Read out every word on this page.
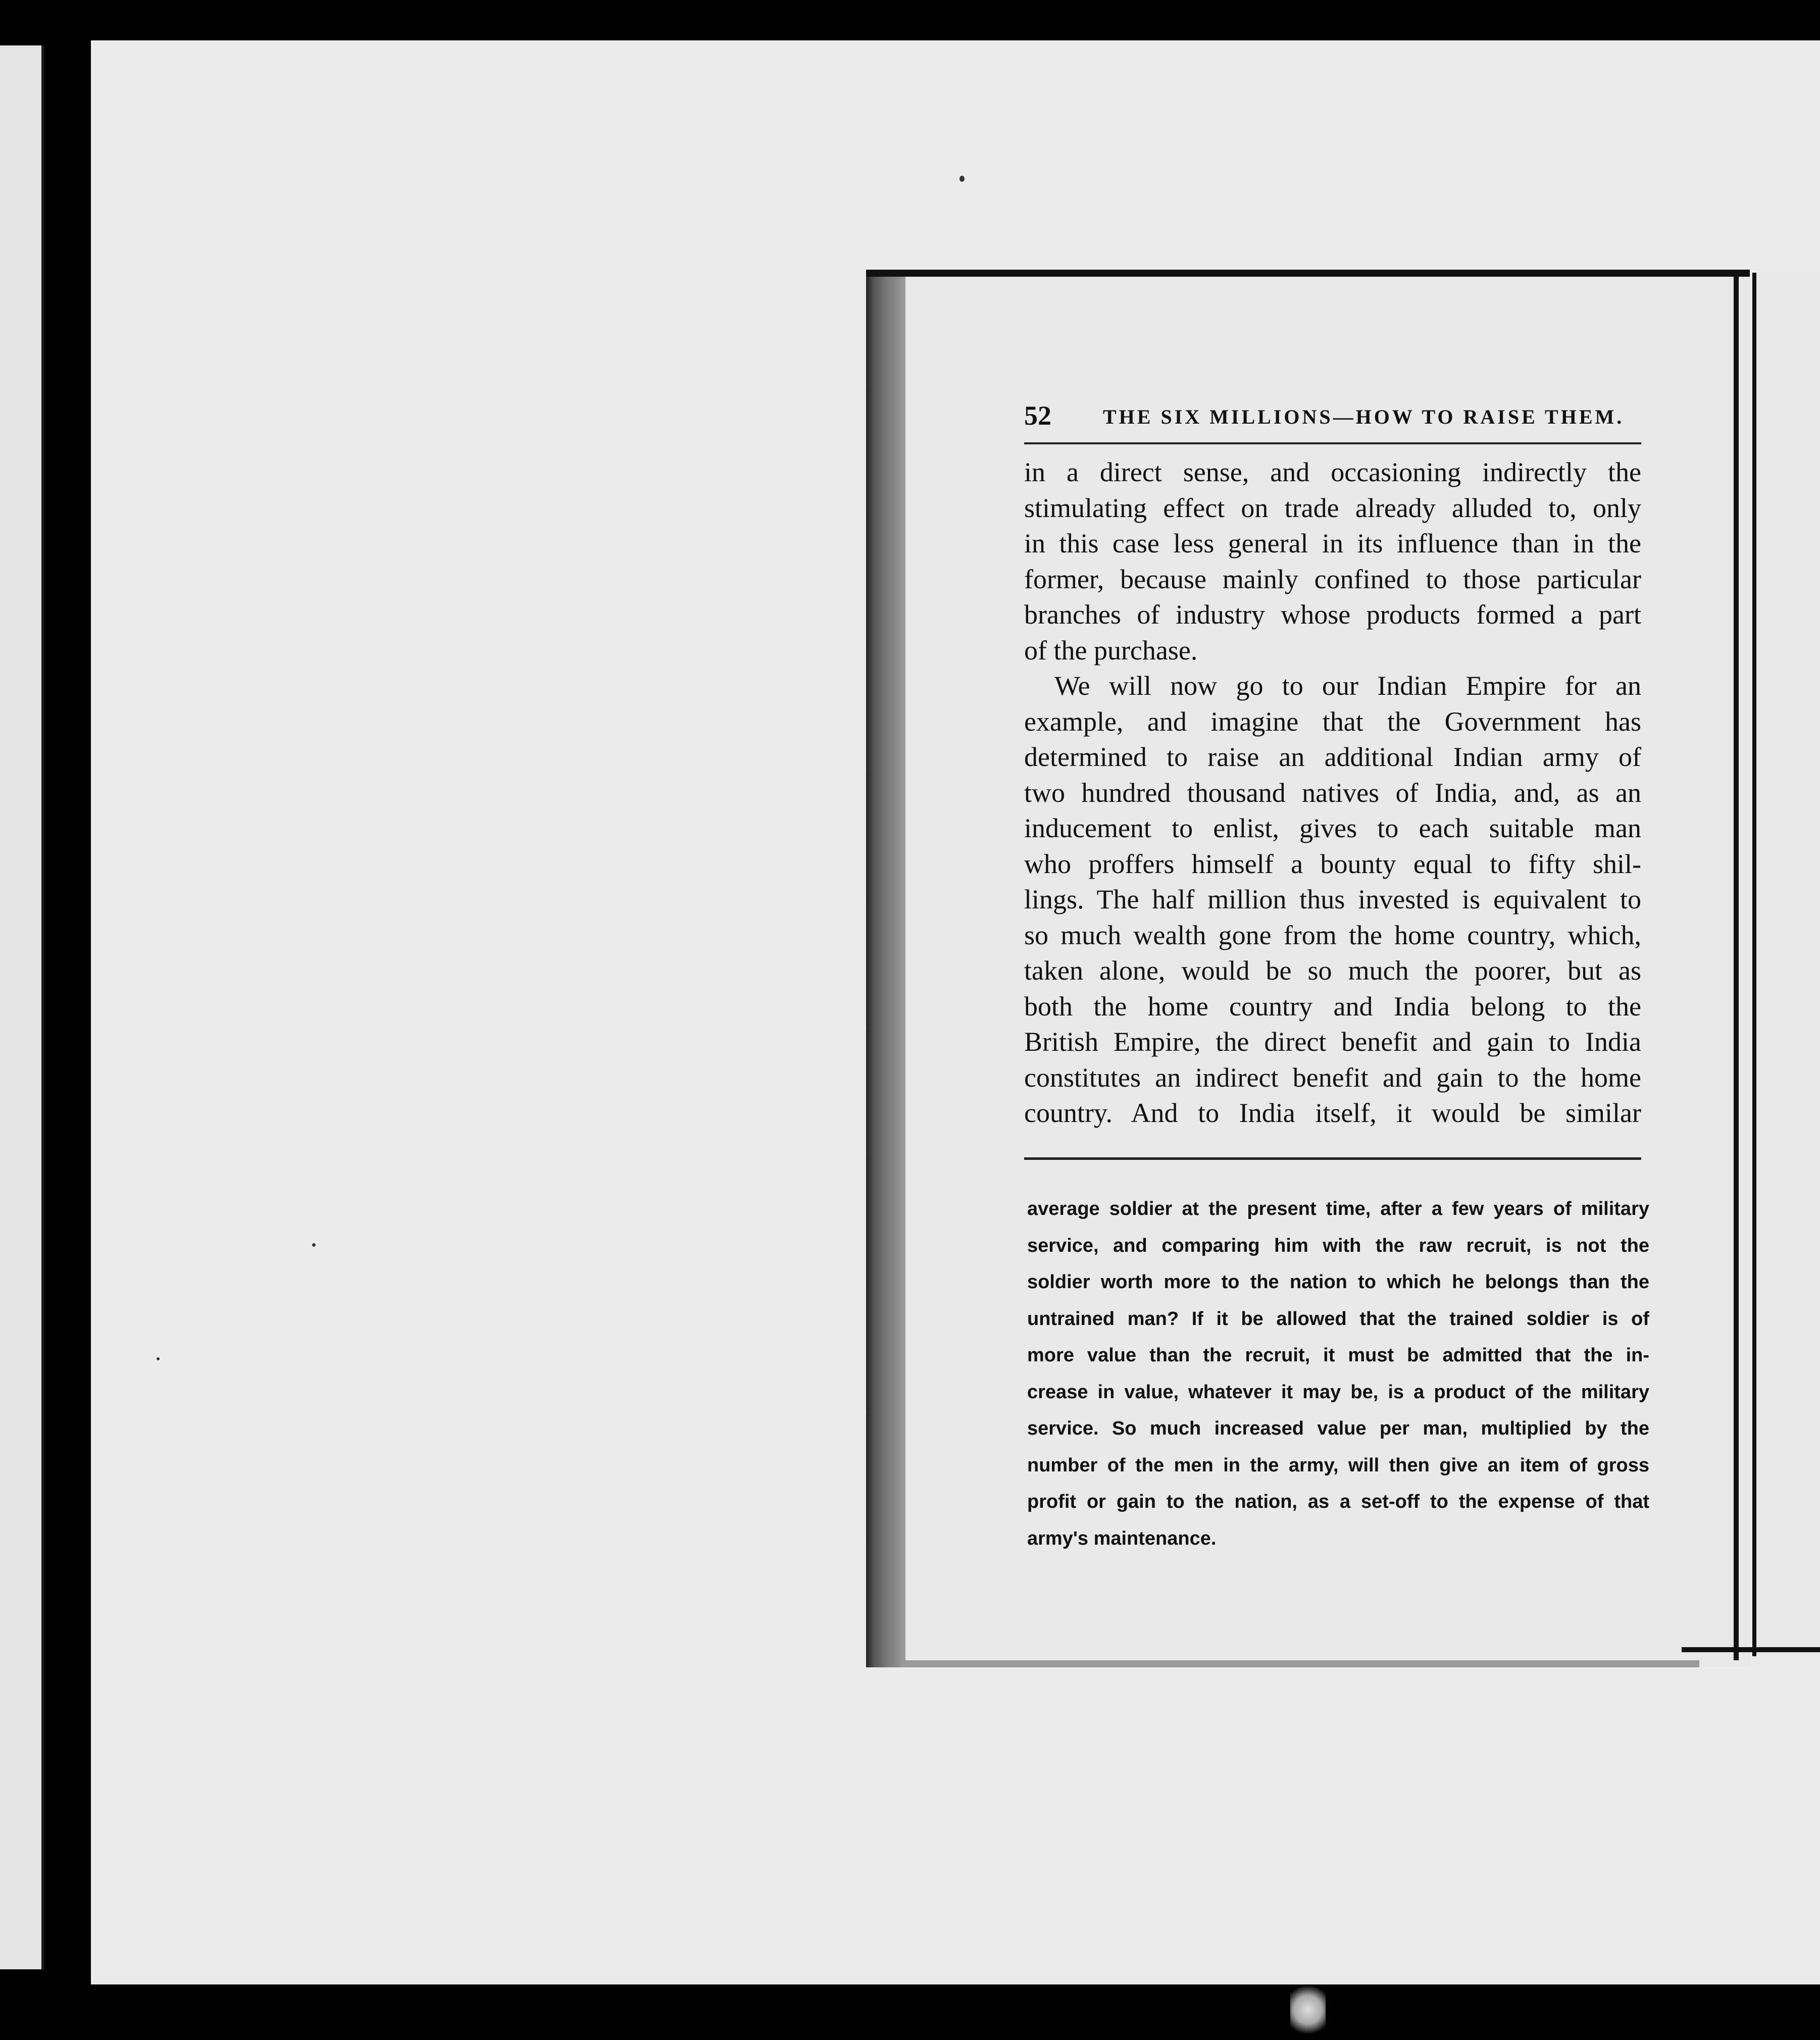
52	THE SIX MILLIONS—HOW TO RAISE THEM.
in a direct sense, and occasioning indirectly the
stimulating effect on trade already alluded to, only
in this case less general in its influence than in the
former, because mainly confined to those particular
branches of industry whose products formed a part
of the purchase.
We will now go to our Indian Empire for an
example, and imagine that the Government has
determined to raise an additional Indian army of
two hundred thousand natives of India, and, as an
inducement to enlist, gives to each suitable man
who proffers himself a bounty equal to fifty shil-
lings. The half million thus invested is equivalent to
so much wealth gone from the home country, which,
taken alone, would be so much the poorer, but as
both the home country and India belong to the
British Empire, the direct benefit and gain to India
constitutes an indirect benefit and gain to the home
country. And to India itself, it would be similar
average soldier at the present time, after a few years of military
service, and comparing him with the raw recruit, is not the
soldier worth more to the nation to which he belongs than the
untrained man? If it be allowed that the trained soldier is of
more value than the recruit, it must be admitted that the in-
crease in value, whatever it may be, is a product of the military
service. So much increased value per man, multiplied by the
number of the men in the army, will then give an item of gross
profit or gain to the nation, as a set-off to the expense of that
army's maintenance.
